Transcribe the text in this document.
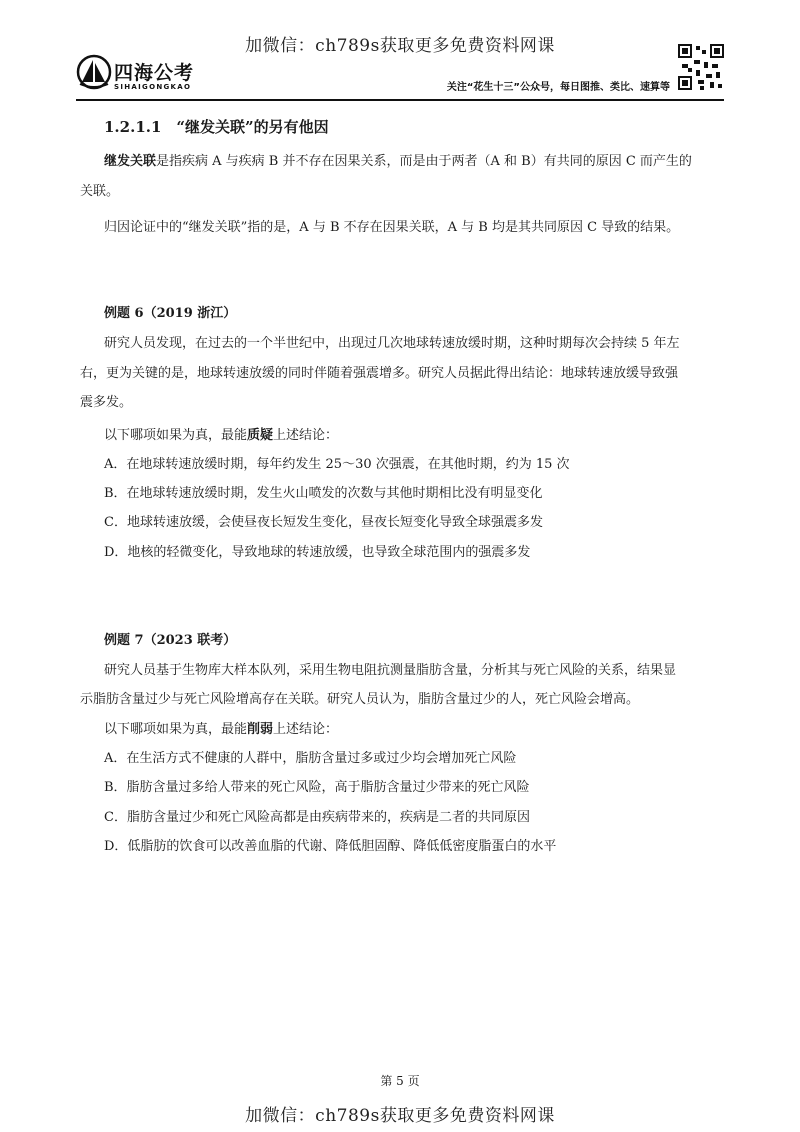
加微信：ch789s获取更多免费资料网课
四海公考
SIHAIGONGKAO	关注“花生十三”公众号，每日图推、类比、速算等
1.2.1.1　“继发关联”的另有他因
继发关联是指疾病 A 与疾病 B 并不存在因果关系，而是由于两者（A 和 B）有共同的原因 C 而产生的
关联。
归因论证中的“继发关联”指的是，A 与 B 不存在因果关联，A 与 B 均是其共同原因 C 导致的结果。
例题 6（2019 浙江）
研究人员发现，在过去的一个半世纪中，出现过几次地球转速放缓时期，这种时期每次会持续 5 年左
右，更为关键的是，地球转速放缓的同时伴随着强震增多。研究人员据此得出结论：地球转速放缓导致强
震多发。
以下哪项如果为真，最能质疑上述结论：
A．在地球转速放缓时期，每年约发生 25～30 次强震，在其他时期，约为 15 次
B．在地球转速放缓时期，发生火山喷发的次数与其他时期相比没有明显变化
C．地球转速放缓，会使昼夜长短发生变化，昼夜长短变化导致全球强震多发
D．地核的轻微变化，导致地球的转速放缓，也导致全球范围内的强震多发
例题 7（2023 联考）
研究人员基于生物库大样本队列，采用生物电阻抗测量脂肪含量，分析其与死亡风险的关系，结果显
示脂肪含量过少与死亡风险增高存在关联。研究人员认为，脂肪含量过少的人，死亡风险会增高。
以下哪项如果为真，最能削弱上述结论：
A．在生活方式不健康的人群中，脂肪含量过多或过少均会增加死亡风险
B．脂肪含量过多给人带来的死亡风险，高于脂肪含量过少带来的死亡风险
C．脂肪含量过少和死亡风险高都是由疾病带来的，疾病是二者的共同原因
D．低脂肪的饮食可以改善血脂的代谢、降低胆固醇、降低低密度脂蛋白的水平
第 5 页
加微信：ch789s获取更多免费资料网课
